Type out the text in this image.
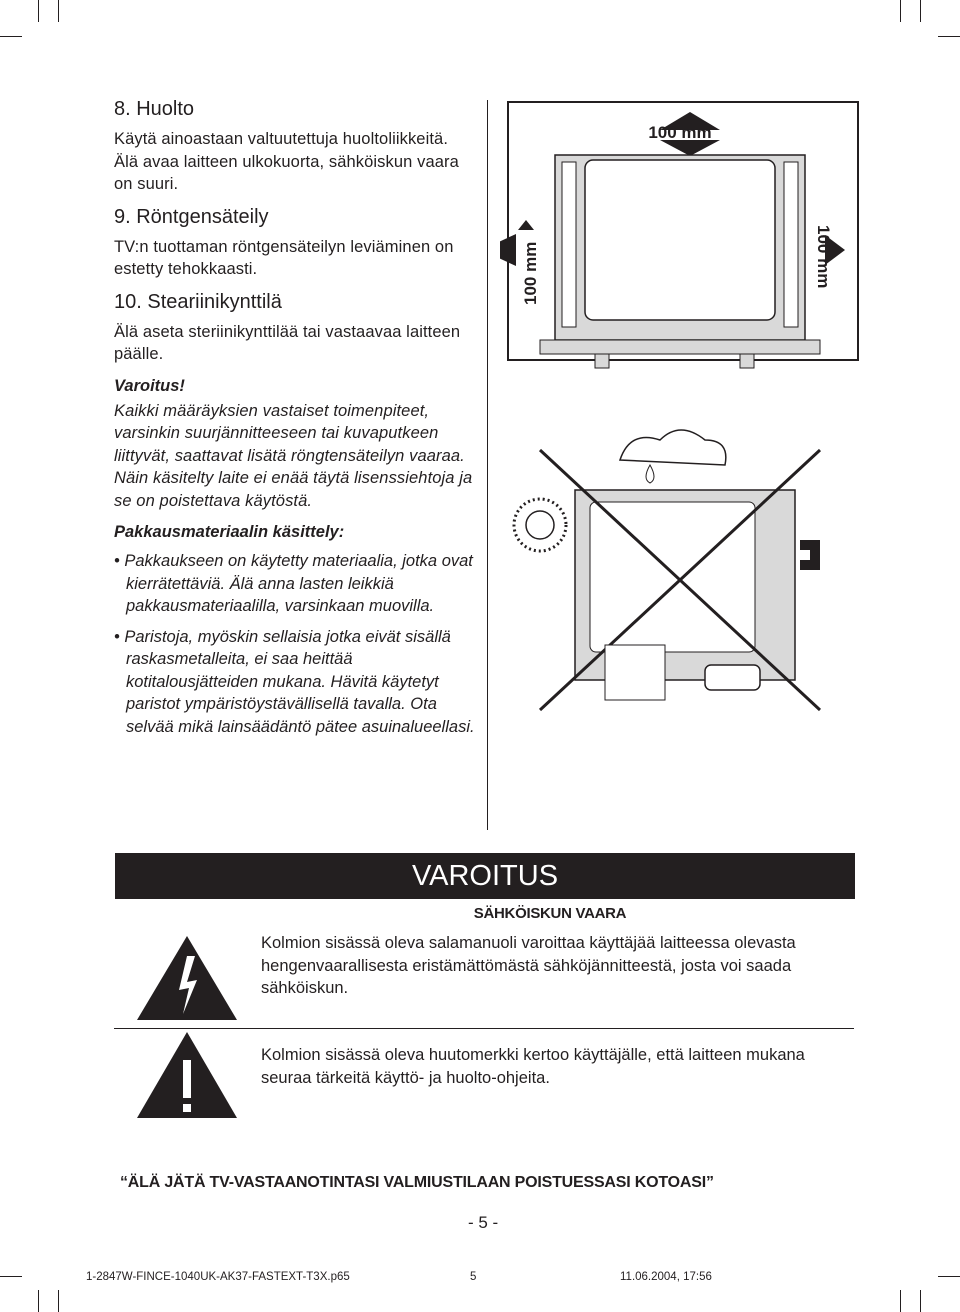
8. Huolto

Käytä ainoastaan valtuutettuja huoltoliikkeitä. Älä avaa laitteen ulkokuorta, sähköiskun vaara on suuri.

9. Röntgensäteily

TV:n tuottaman röntgensäteilyn leviäminen on estetty tehokkaasti.

10. Steariinikynttilä

Älä aseta steriinikynttilää tai vastaavaa laitteen päälle.

Varoitus!

Kaikki määräyksien vastaiset toimenpiteet, varsinkin suurjännitteeseen tai kuvaputkeen liittyvät, saattavat lisätä röngtensäteilyn vaaraa. Näin käsitelty laite ei enää täytä lisenssiehtoja ja se on poistettava käytöstä.

Pakkausmateriaalin käsittely:

• Pakkaukseen on käytetty materiaalia, jotka ovat kierrätettäviä. Älä anna lasten leikkiä pakkausmateriaalilla, varsinkaan muovilla.

• Paristoja, myöskin sellaisia jotka eivät sisällä raskasmetalleita, ei saa heittää kotitalousjätteiden mukana. Hävitä käytetyt paristot ympäristöystävällisellä tavalla. Ota selvää mikä lainsäädäntö pätee asuinalueellasi.

100 mm
100 mm	100 mm
VAROITUS
SÄHKÖISKUN VAARA
Kolmion sisässä oleva salamanuoli varoittaa käyttäjää laitteessa olevasta hengenvaarallisesta eristämättömästä sähköjännitteestä, josta voi saada sähköiskun.
Kolmion sisässä oleva huutomerkki kertoo käyttäjälle, että laitteen mukana seuraa tärkeitä käyttö- ja huolto-ohjeita.
“ÄLÄ JÄTÄ TV-VASTAANOTINTASI VALMIUSTILAAN POISTUESSASI KOTOASI”
- 5 -
1-2847W-FINCE-1040UK-AK37-FASTEXT-T3X.p65	5	11.06.2004, 17:56
